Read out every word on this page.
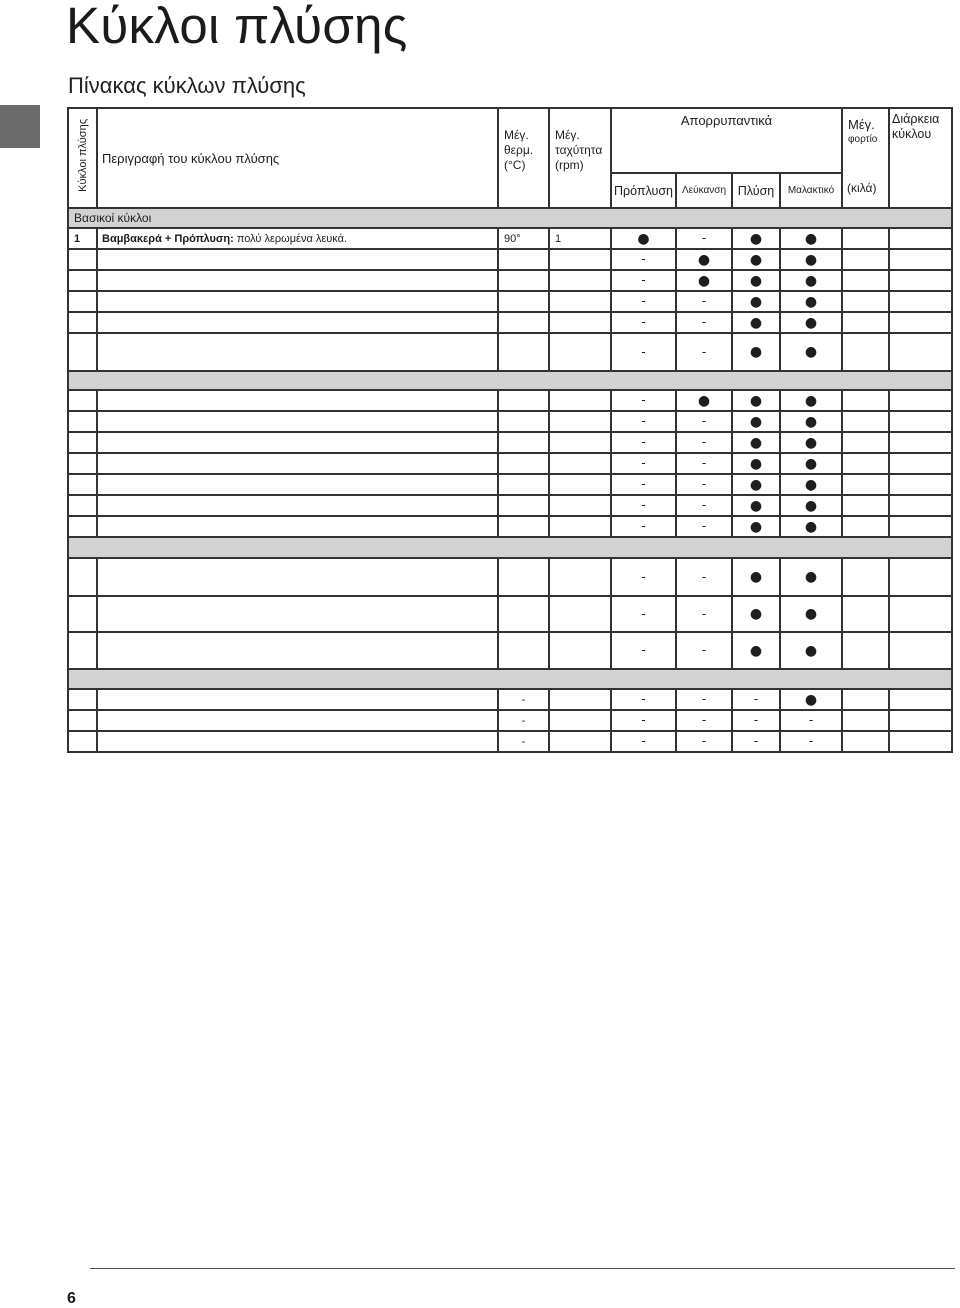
Κύκλοι πλύσης
Πίνακας κύκλων πλύσης
Κύκλοι πλύσης	Περιγραφή του κύκλου πλύσης	Μέγ.
θερμ.
(°C)	Μέγ.
ταχύτητα
(rpm)	Απορρυπαντικά				Μέγ.
φορτίο
(κιλά)	Διάρκεια
κύκλου

				Πρόπλυση	Λεύκανση	Πλύση	Μαλακτικό		
Βασικοί κύκλοι									
1	Βαμβακερά + Πρόπλυση: πολύ λερωμένα λευκά.	90°	1	●	-	●	●		
				-	●	●	●		
				-	●	●	●		
				-	-	●	●		
				-	-	●	●		
				-	-	●	●		

				-	●	●	●		
				-	-	●	●		
				-	-	●	●		
				-	-	●	●		
				-	-	●	●		
				-	-	●	●		
				-	-	●	●		

				-	-	●	●		
				-	-	●	●		
				-	-	●	●		

		-		-	-	-	●		
		-		-	-	-	-		
		-		-	-	-	-		
6
